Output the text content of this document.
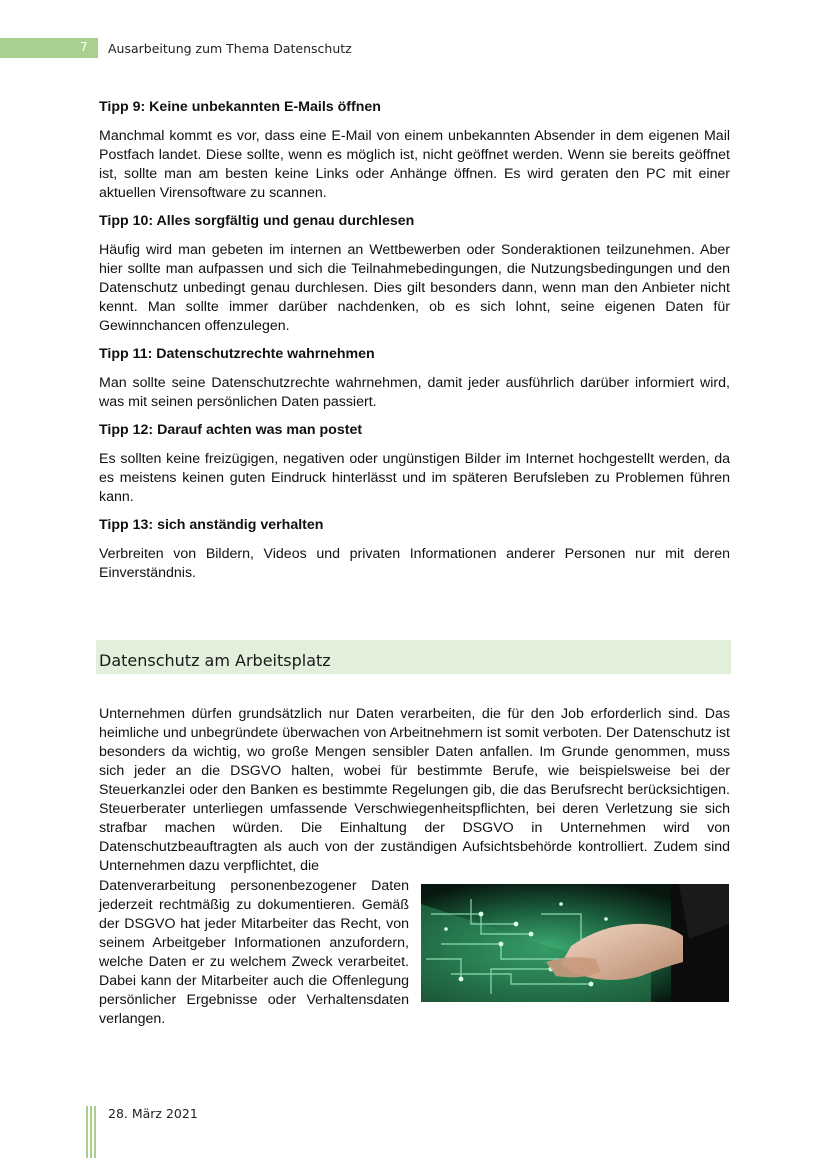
7 Ausarbeitung zum Thema Datenschutz
Tipp 9: Keine unbekannten E-Mails öffnen

Manchmal kommt es vor, dass eine E-Mail von einem unbekannten Absender in dem eigenen Mail Postfach landet. Diese sollte, wenn es möglich ist, nicht geöffnet werden. Wenn sie bereits geöffnet ist, sollte man am besten keine Links oder Anhänge öffnen. Es wird geraten den PC mit einer aktuellen Virensoftware zu scannen.

Tipp 10: Alles sorgfältig und genau durchlesen

Häufig wird man gebeten im internen an Wettbewerben oder Sonderaktionen teilzunehmen. Aber hier sollte man aufpassen und sich die Teilnahmebedingungen, die Nutzungsbedingungen und den Datenschutz unbedingt genau durchlesen. Dies gilt besonders dann, wenn man den Anbieter nicht kennt. Man sollte immer darüber nachdenken, ob es sich lohnt, seine eigenen Daten für Gewinnchancen offenzulegen.

Tipp 11: Datenschutzrechte wahrnehmen

Man sollte seine Datenschutzrechte wahrnehmen, damit jeder ausführlich darüber informiert wird, was mit seinen persönlichen Daten passiert.

Tipp 12: Darauf achten was man postet

Es sollten keine freizügigen, negativen oder ungünstigen Bilder im Internet hochgestellt werden, da es meistens keinen guten Eindruck hinterlässt und im späteren Berufsleben zu Problemen führen kann.

Tipp 13: sich anständig verhalten

Verbreiten von Bildern, Videos und privaten Informationen anderer Personen nur mit deren Einverständnis.

Datenschutz am Arbeitsplatz

Unternehmen dürfen grundsätzlich nur Daten verarbeiten, die für den Job erforderlich sind. Das heimliche und unbegründete überwachen von Arbeitnehmern ist somit verboten. Der Datenschutz ist besonders da wichtig, wo große Mengen sensibler Daten anfallen. Im Grunde genommen, muss sich jeder an die DSGVO halten, wobei für bestimmte Berufe, wie beispielsweise bei der Steuerkanzlei oder den Banken es bestimmte Regelungen gib, die das Berufsrecht berücksichtigen. Steuerberater unterliegen umfassende Verschwiegenheitspflichten, bei deren Verletzung sie sich strafbar machen würden. Die Einhaltung der DSGVO in Unternehmen wird von Datenschutzbeauftragten als auch von der zuständigen Aufsichtsbehörde kontrolliert. Zudem sind Unternehmen dazu verpflichtet, die

Datenverarbeitung personenbezogener Daten jederzeit rechtmäßig zu dokumentieren. Gemäß der DSGVO hat jeder Mitarbeiter das Recht, von seinem Arbeitgeber Informationen anzufordern, welche Daten er zu welchem Zweck verarbeitet. Dabei kann der Mitarbeiter auch die Offenlegung persönlicher Ergebnisse oder Verhaltensdaten verlangen.

28. März 2021
